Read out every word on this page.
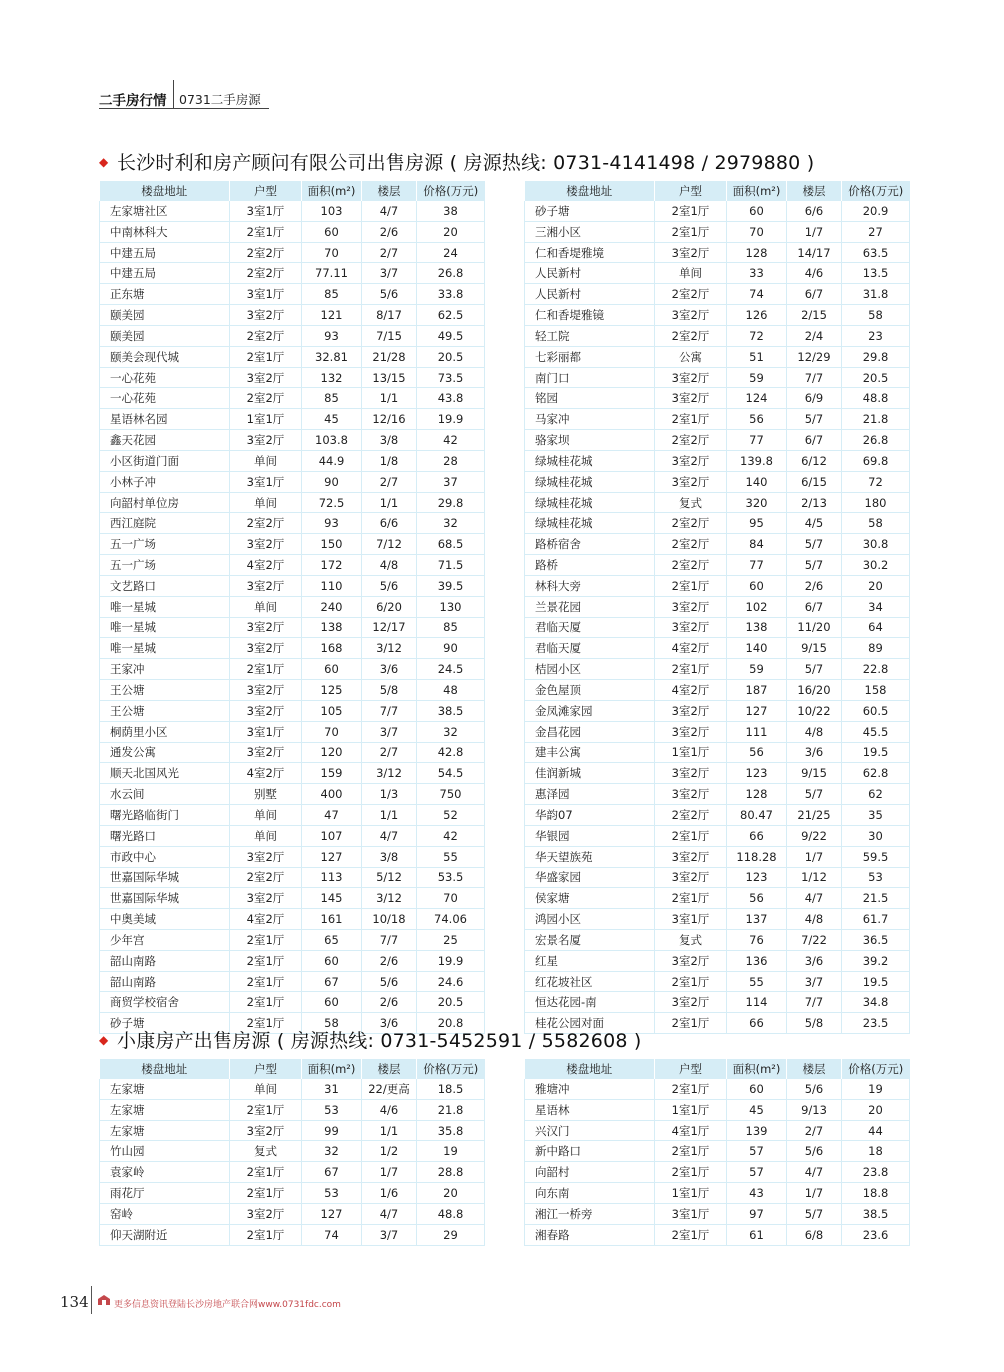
二手房行情 0731二手房源
◆ 长沙时利和房产顾问有限公司出售房源 ( 房源热线: 0731-4141498 / 2979880 )
楼盘地址	户型	面积(m²)	楼层	价格(万元)
左家塘社区	3室1厅	103	4/7	38
中南林科大	2室1厅	60	2/6	20
中建五局	2室2厅	70	2/7	24
中建五局	2室2厅	77.11	3/7	26.8
正东塘	3室1厅	85	5/6	33.8
颐美园	3室2厅	121	8/17	62.5
颐美园	2室2厅	93	7/15	49.5
颐美会现代城	2室1厅	32.81	21/28	20.5
一心花苑	3室2厅	132	13/15	73.5
一心花苑	2室2厅	85	1/1	43.8
星语林名园	1室1厅	45	12/16	19.9
鑫天花园	3室2厅	103.8	3/8	42
小区街道门面	单间	44.9	1/8	28
小林子冲	3室1厅	90	2/7	37
向韶村单位房	单间	72.5	1/1	29.8
西江庭院	2室2厅	93	6/6	32
五一广场	3室2厅	150	7/12	68.5
五一广场	4室2厅	172	4/8	71.5
文艺路口	3室2厅	110	5/6	39.5
唯一星城	单间	240	6/20	130
唯一星城	3室2厅	138	12/17	85
唯一星城	3室2厅	168	3/12	90
王家冲	2室1厅	60	3/6	24.5
王公塘	3室2厅	125	5/8	48
王公塘	3室2厅	105	7/7	38.5
桐荫里小区	3室1厅	70	3/7	32
通发公寓	3室2厅	120	2/7	42.8
顺天北国风光	4室2厅	159	3/12	54.5
水云间	别墅	400	1/3	750
曙光路临街门	单间	47	1/1	52
曙光路口	单间	107	4/7	42
市政中心	3室2厅	127	3/8	55
世嘉国际华城	2室2厅	113	5/12	53.5
世嘉国际华城	3室2厅	145	3/12	70
中奥美域	4室2厅	161	10/18	74.06
少年宫	2室1厅	65	7/7	25
韶山南路	2室1厅	60	2/6	19.9
韶山南路	2室1厅	67	5/6	24.6
商贸学校宿舍	2室1厅	60	2/6	20.5
砂子塘	2室1厅	58	3/6	20.8
楼盘地址	户型	面积(m²)	楼层	价格(万元)
砂子塘	2室1厅	60	6/6	20.9
三湘小区	2室1厅	70	1/7	27
仁和香堤雅境	3室2厅	128	14/17	63.5
人民新村	单间	33	4/6	13.5
人民新村	2室2厅	74	6/7	31.8
仁和香堤雅镜	3室2厅	126	2/15	58
轻工院	2室2厅	72	2/4	23
七彩丽都	公寓	51	12/29	29.8
南门口	3室2厅	59	7/7	20.5
铭园	3室2厅	124	6/9	48.8
马家冲	2室1厅	56	5/7	21.8
骆家坝	2室2厅	77	6/7	26.8
绿城桂花城	3室2厅	139.8	6/12	69.8
绿城桂花城	3室2厅	140	6/15	72
绿城桂花城	复式	320	2/13	180
绿城桂花城	2室2厅	95	4/5	58
路桥宿舍	2室2厅	84	5/7	30.8
路桥	2室2厅	77	5/7	30.2
林科大旁	2室1厅	60	2/6	20
兰景花园	3室2厅	102	6/7	34
君临天厦	3室2厅	138	11/20	64
君临天厦	4室2厅	140	9/15	89
桔园小区	2室1厅	59	5/7	22.8
金色屋顶	4室2厅	187	16/20	158
金凤滩家园	3室2厅	127	10/22	60.5
金昌花园	3室2厅	111	4/8	45.5
建丰公寓	1室1厅	56	3/6	19.5
佳润新城	3室2厅	123	9/15	62.8
惠泽园	3室2厅	128	5/7	62
华韵07	2室2厅	80.47	21/25	35
华银园	2室1厅	66	9/22	30
华天望族苑	3室2厅	118.28	1/7	59.5
华盛家园	3室2厅	123	1/12	53
侯家塘	2室1厅	56	4/7	21.5
鸿园小区	3室1厅	137	4/8	61.7
宏景名厦	复式	76	7/22	36.5
红星	3室2厅	136	3/6	39.2
红花坡社区	2室1厅	55	3/7	19.5
恒达花园-南	3室2厅	114	7/7	34.8
桂花公园对面	2室1厅	66	5/8	23.5
◆ 小康房产出售房源 ( 房源热线: 0731-5452591 / 5582608 )
楼盘地址	户型	面积(m²)	楼层	价格(万元)
左家塘	单间	31	22/更高	18.5
左家塘	2室1厅	53	4/6	21.8
左家塘	3室2厅	99	1/1	35.8
竹山园	复式	32	1/2	19
袁家岭	2室1厅	67	1/7	28.8
雨花厅	2室1厅	53	1/6	20
窑岭	3室2厅	127	4/7	48.8
仰天湖附近	2室1厅	74	3/7	29
楼盘地址	户型	面积(m²)	楼层	价格(万元)
雅塘冲	2室1厅	60	5/6	19
星语林	1室1厅	45	9/13	20
兴汉门	4室1厅	139	2/7	44
新中路口	2室1厅	57	5/6	18
向韶村	2室1厅	57	4/7	23.8
向东南	1室1厅	43	1/7	18.8
湘江一桥旁	3室1厅	97	5/7	38.5
湘春路	2室1厅	61	6/8	23.6
134	更多信息资讯登陆长沙房地产联合网www.0731fdc.com
